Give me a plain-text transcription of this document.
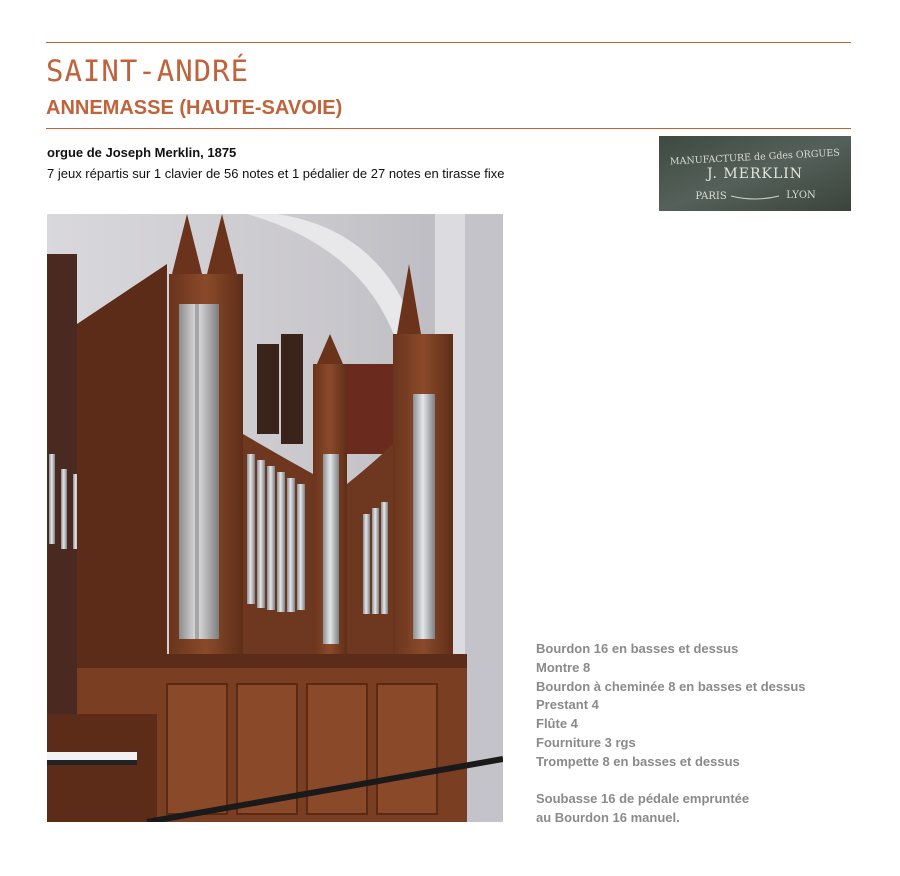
SAINT-ANDRÉ
ANNEMASSE (HAUTE-SAVOIE)
orgue de Joseph Merklin, 1875
7 jeux répartis sur 1 clavier de 56 notes et 1 pédalier de 27 notes en tirasse fixe
MANUFACTURE de Gdes ORGUES
J. MERKLIN
PARIS	LYON
Bourdon 16 en basses et dessus
Montre 8
Bourdon à cheminée 8 en basses et dessus
Prestant 4
Flûte 4
Fourniture 3 rgs
Trompette 8 en basses et dessus
Soubasse 16 de pédale empruntée
au Bourdon 16 manuel.
